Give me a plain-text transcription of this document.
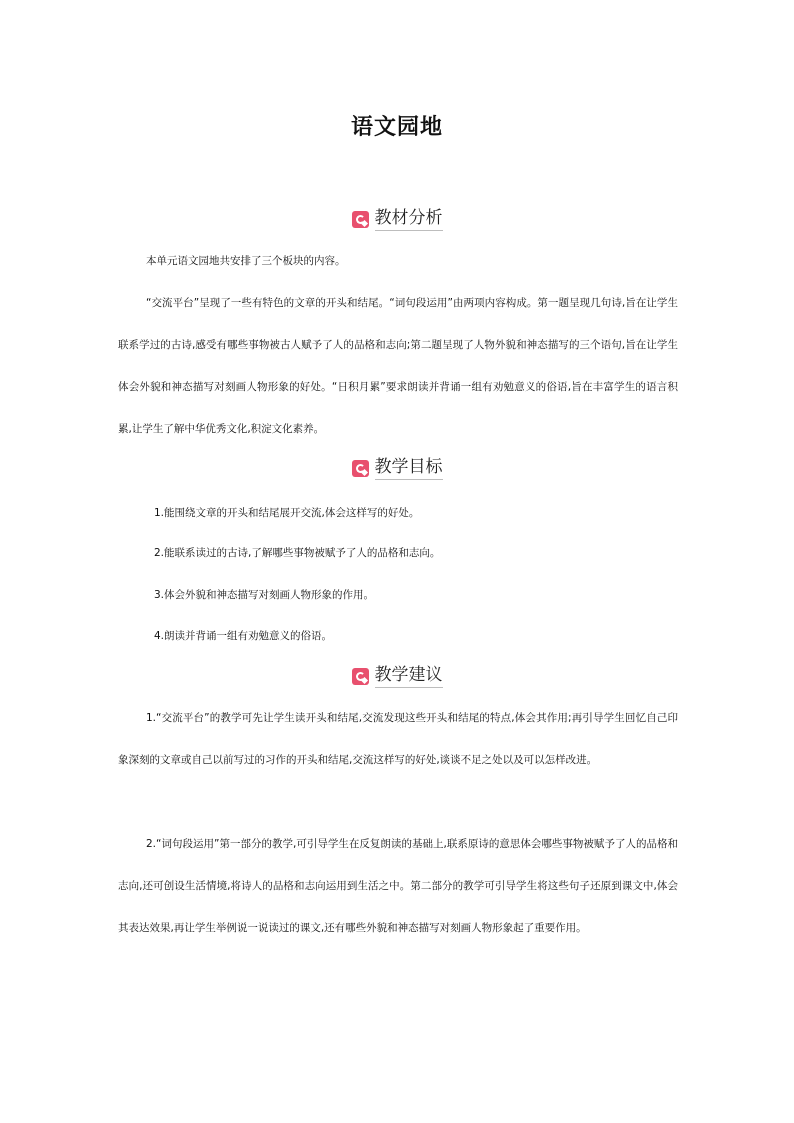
语文园地
教材分析
本单元语文园地共安排了三个板块的内容。
“交流平台”呈现了一些有特色的文章的开头和结尾。“词句段运用”由两项内容构成。第一题呈现几句诗,旨在让学生联系学过的古诗,感受有哪些事物被古人赋予了人的品格和志向;第二题呈现了人物外貌和神态描写的三个语句,旨在让学生体会外貌和神态描写对刻画人物形象的好处。“日积月累”要求朗读并背诵一组有劝勉意义的俗语,旨在丰富学生的语言积累,让学生了解中华优秀文化,积淀文化素养。
教学目标
1.能围绕文章的开头和结尾展开交流,体会这样写的好处。
2.能联系读过的古诗,了解哪些事物被赋予了人的品格和志向。
3.体会外貌和神态描写对刻画人物形象的作用。
4.朗读并背诵一组有劝勉意义的俗语。
教学建议
1.“交流平台”的教学可先让学生读开头和结尾,交流发现这些开头和结尾的特点,体会其作用;再引导学生回忆自己印象深刻的文章或自己以前写过的习作的开头和结尾,交流这样写的好处,谈谈不足之处以及可以怎样改进。
2.“词句段运用”第一部分的教学,可引导学生在反复朗读的基础上,联系原诗的意思体会哪些事物被赋予了人的品格和志向,还可创设生活情境,将诗人的品格和志向运用到生活之中。第二部分的教学可引导学生将这些句子还原到课文中,体会其表达效果,再让学生举例说一说读过的课文,还有哪些外貌和神态描写对刻画人物形象起了重要作用。
